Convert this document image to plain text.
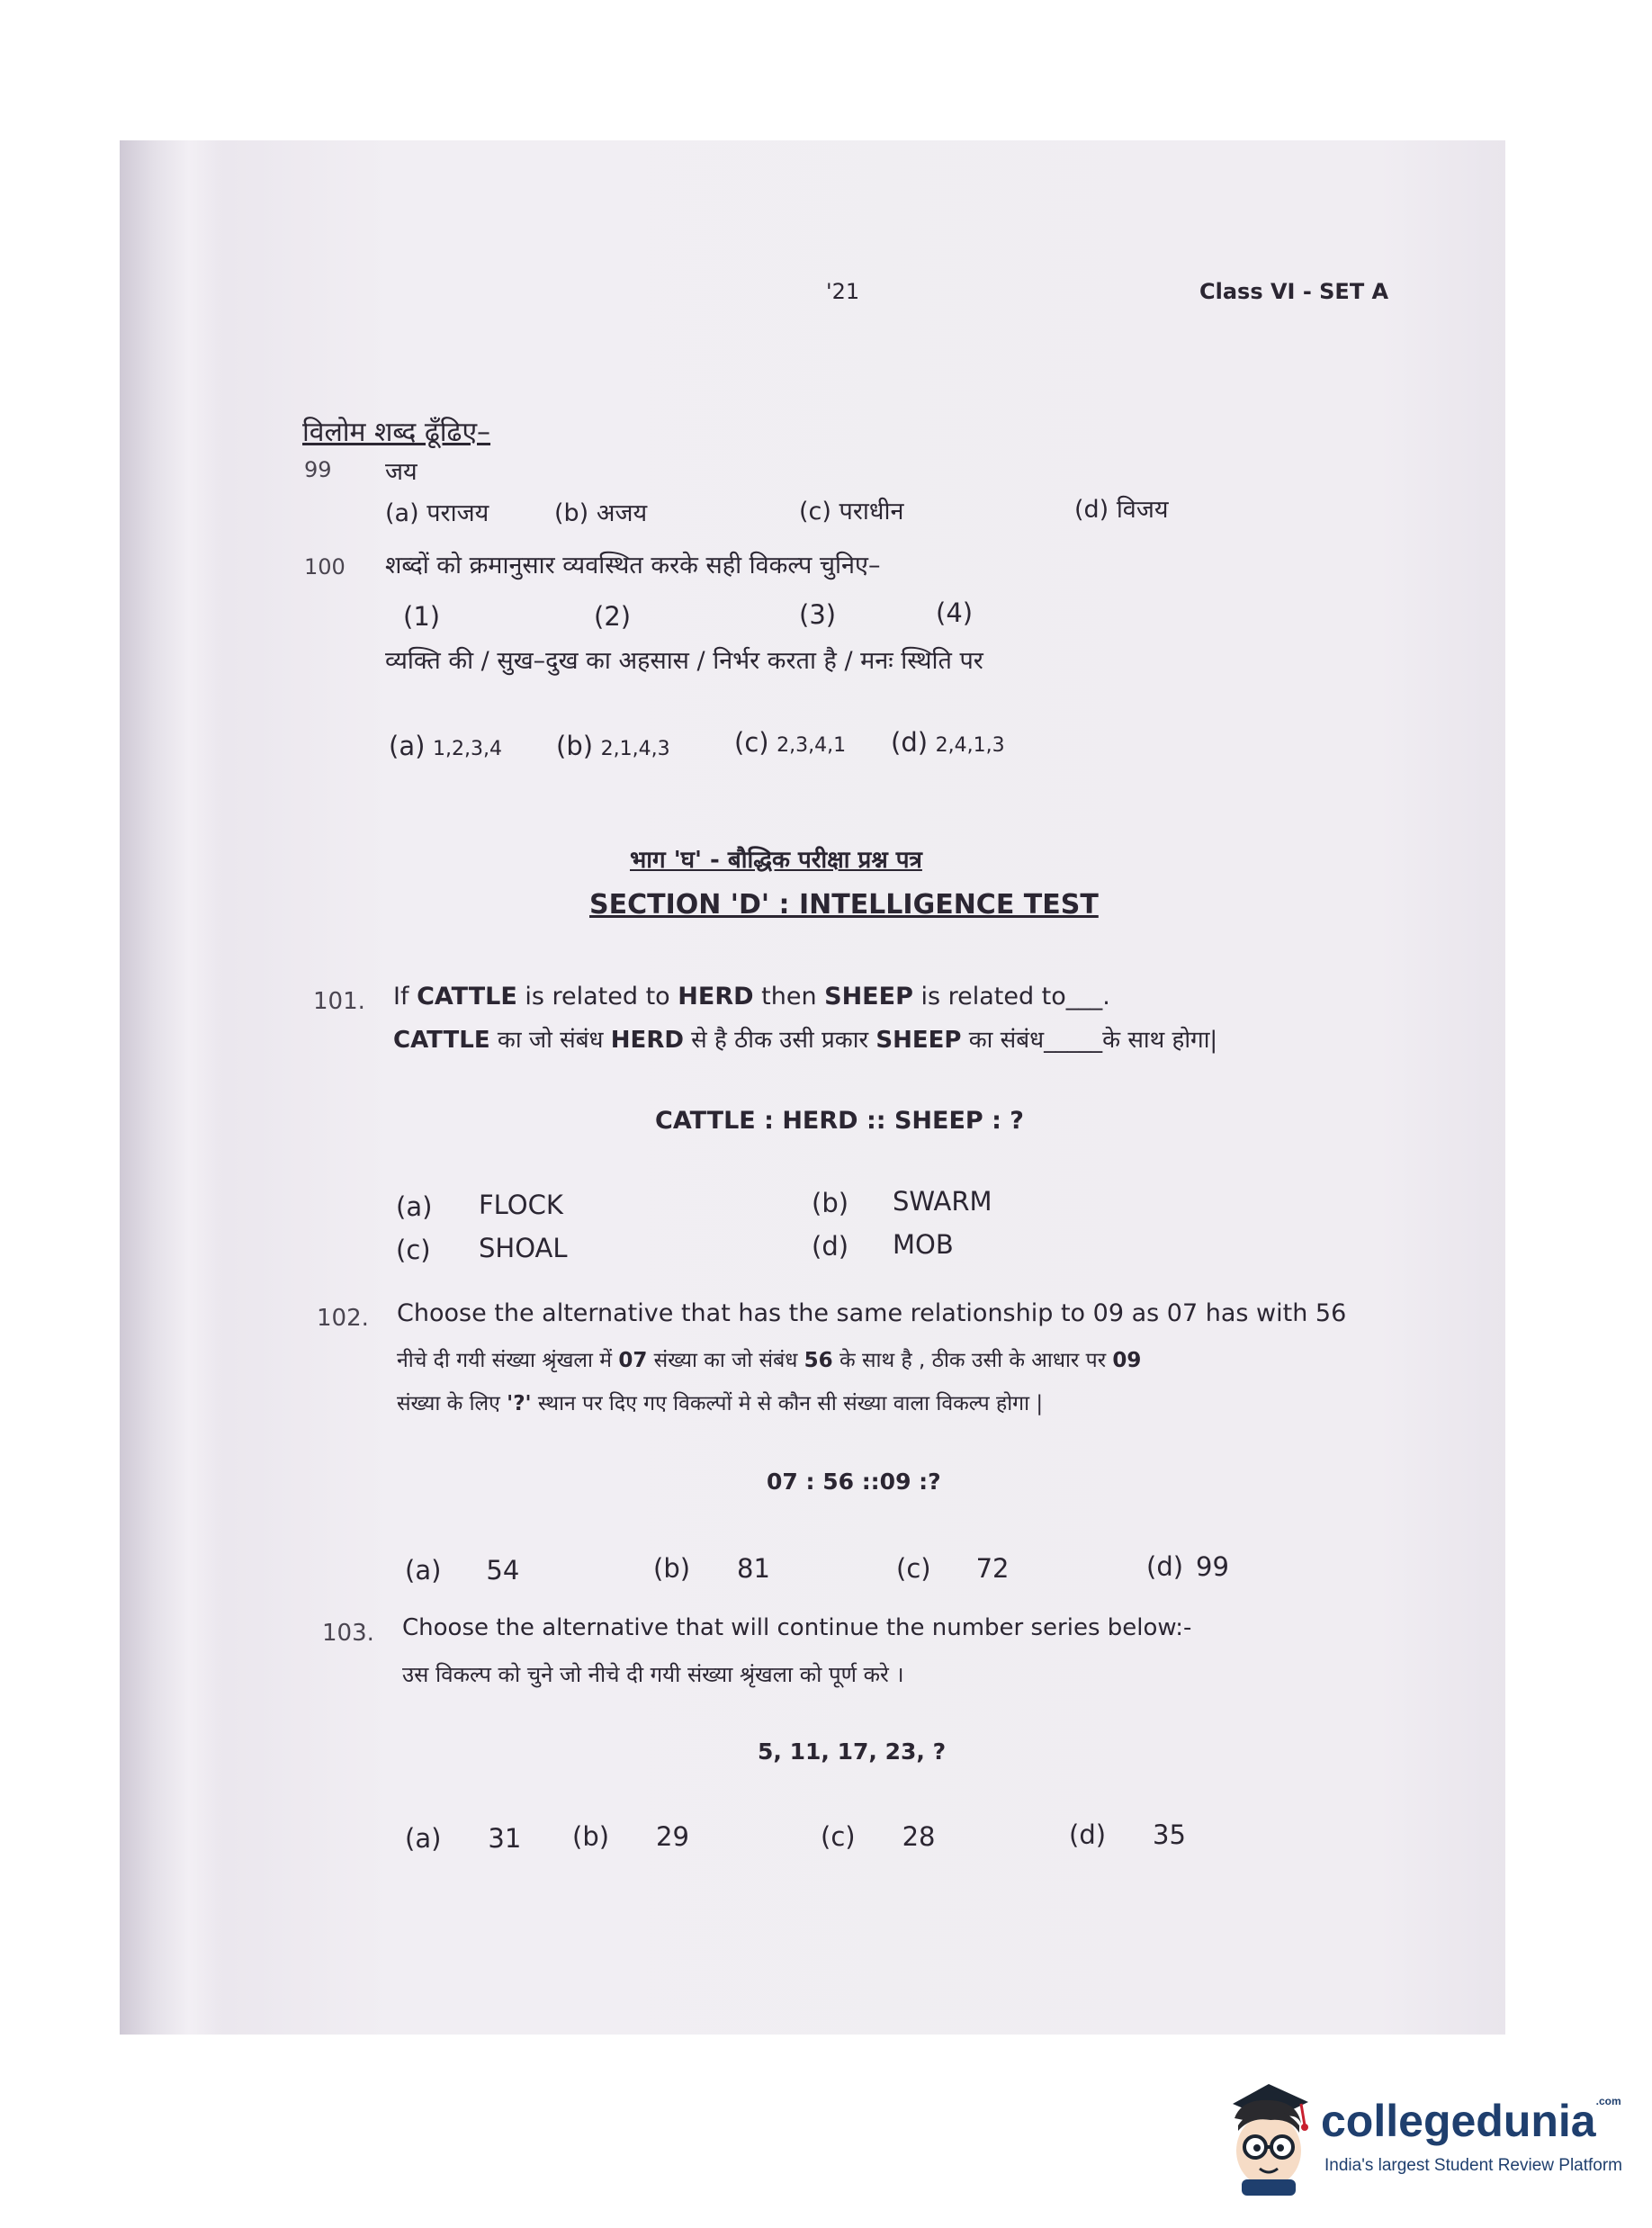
'21	Class VI - SET A
विलोम शब्द ढूँढिए–
99 जय
(a) पराजय	(b) अजय	(c) पराधीन	(d) विजय
100 शब्दों को क्रमानुसार व्यवस्थित करके सही विकल्प चुनिए–
(1)	(2)	(3)	(4)
व्यक्ति की / सुख–दुख का अहसास / निर्भर करता है / मनः स्थिति पर
(a) 1,2,3,4 (b) 2,1,4,3 (c) 2,3,4,1 (d) 2,4,1,3
भाग 'घ' - बौद्धिक परीक्षा प्रश्न पत्र
SECTION 'D' : INTELLIGENCE TEST
101. If CATTLE is related to HERD then SHEEP is related to___.
CATTLE का जो संबंध HERD से है ठीक उसी प्रकार SHEEP का संबंध_____के साथ होगा|
CATTLE : HERD :: SHEEP : ?
(a) FLOCK	(b) SWARM
(c) SHOAL	(d) MOB
102. Choose the alternative that has the same relationship to 09 as 07 has with 56
नीचे दी गयी संख्या श्रृंखला में 07 संख्या का जो संबंध 56 के साथ है , ठीक उसी के आधार पर 09
संख्या के लिए '?' स्थान पर दिए गए विकल्पों मे से कौन सी संख्या वाला विकल्प होगा |
07 : 56 ::09 :?
(a) 54	(b) 81	(c) 72	(d) 99
103. Choose the alternative that will continue the number series below:-
उस विकल्प को चुने जो नीचे दी गयी संख्या श्रृंखला को पूर्ण करे ।
5, 11, 17, 23, ?
(a) 31 (b) 29	(c) 28	(d) 35
collegedunia$^{.com}$
India's largest Student Review Platform
